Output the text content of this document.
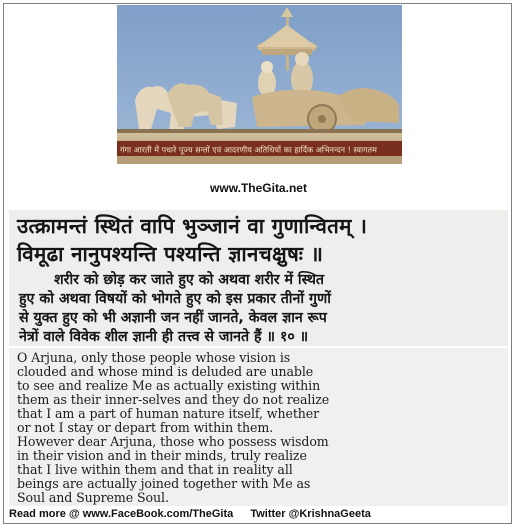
गंगा आरती में पधारे पूज्य सन्तों एवं आदरणीय अतिथियों का हार्दिक अभिनन्दन ! स्वागतम
www.TheGita.net
उत्क्रामन्तं स्थितं वापि भुञ्जानं वा गुणान्वितम् ।
विमूढा नानुपश्यन्ति पश्यन्ति ज्ञानचक्षुषः ॥
शरीर को छोड़ कर जाते हुए को अथवा शरीर में स्थित
हुए को अथवा विषयों को भोगते हुए को इस प्रकार तीनों गुणों
से युक्त हुए को भी अज्ञानी जन नहीं जानते, केवल ज्ञान रूप
नेत्रों वाले विवेक शील ज्ञानी ही तत्त्व से जानते हैं ॥ १० ॥
O Arjuna, only those people whose vision is
clouded and whose mind is deluded are unable
to see and realize Me as actually existing within
them as their inner-selves and they do not realize
that I am a part of human nature itself, whether
or not I stay or depart from within them.
However dear Arjuna, those who possess wisdom
in their vision and in their minds, truly realize
that I live within them and that in reality all
beings are actually joined together with Me as
Soul and Supreme Soul.
Read more @ www.FaceBook.com/TheGita Twitter @KrishnaGeeta
